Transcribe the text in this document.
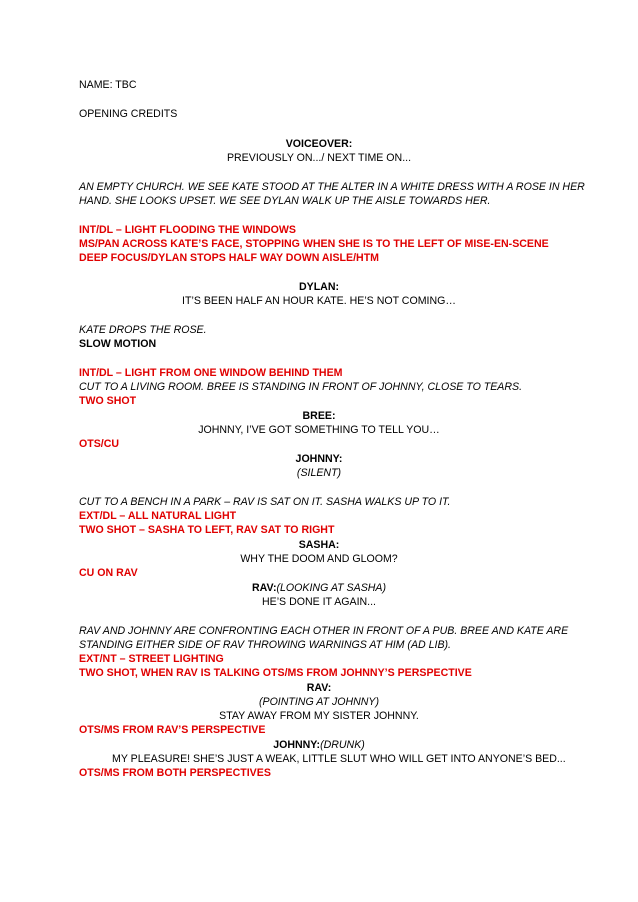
NAME: TBC
OPENING CREDITS
VOICEOVER:
PREVIOUSLY ON.../ NEXT TIME ON...
AN EMPTY CHURCH. WE SEE KATE STOOD AT THE ALTER IN A WHITE DRESS WITH A ROSE IN HER
HAND. SHE LOOKS UPSET. WE SEE DYLAN WALK UP THE AISLE TOWARDS HER.
INT/DL – LIGHT FLOODING THE WINDOWS
MS/PAN ACROSS KATE’S FACE, STOPPING WHEN SHE IS TO THE LEFT OF MISE-EN-SCENE
DEEP FOCUS/DYLAN STOPS HALF WAY DOWN AISLE/HTM
DYLAN:
IT’S BEEN HALF AN HOUR KATE. HE’S NOT COMING…
KATE DROPS THE ROSE.
SLOW MOTION
INT/DL – LIGHT FROM ONE WINDOW BEHIND THEM
CUT TO A LIVING ROOM. BREE IS STANDING IN FRONT OF JOHNNY, CLOSE TO TEARS.
TWO SHOT
BREE:
JOHNNY, I’VE GOT SOMETHING TO TELL YOU…
OTS/CU
JOHNNY:
(SILENT)
CUT TO A BENCH IN A PARK – RAV IS SAT ON IT. SASHA WALKS UP TO IT.
EXT/DL – ALL NATURAL LIGHT
TWO SHOT – SASHA TO LEFT, RAV SAT TO RIGHT
SASHA:
WHY THE DOOM AND GLOOM?
CU ON RAV
RAV:(LOOKING AT SASHA)
HE’S DONE IT AGAIN...
RAV AND JOHNNY ARE CONFRONTING EACH OTHER IN FRONT OF A PUB. BREE AND KATE ARE
STANDING EITHER SIDE OF RAV THROWING WARNINGS AT HIM (AD LIB).
EXT/NT – STREET LIGHTING
TWO SHOT, WHEN RAV IS TALKING OTS/MS FROM JOHNNY’S PERSPECTIVE
RAV:
(POINTING AT JOHNNY)
STAY AWAY FROM MY SISTER JOHNNY.
OTS/MS FROM RAV’S PERSPECTIVE
JOHNNY:(DRUNK)
MY PLEASURE! SHE’S JUST A WEAK, LITTLE SLUT WHO WILL GET INTO ANYONE’S BED...
OTS/MS FROM BOTH PERSPECTIVES
